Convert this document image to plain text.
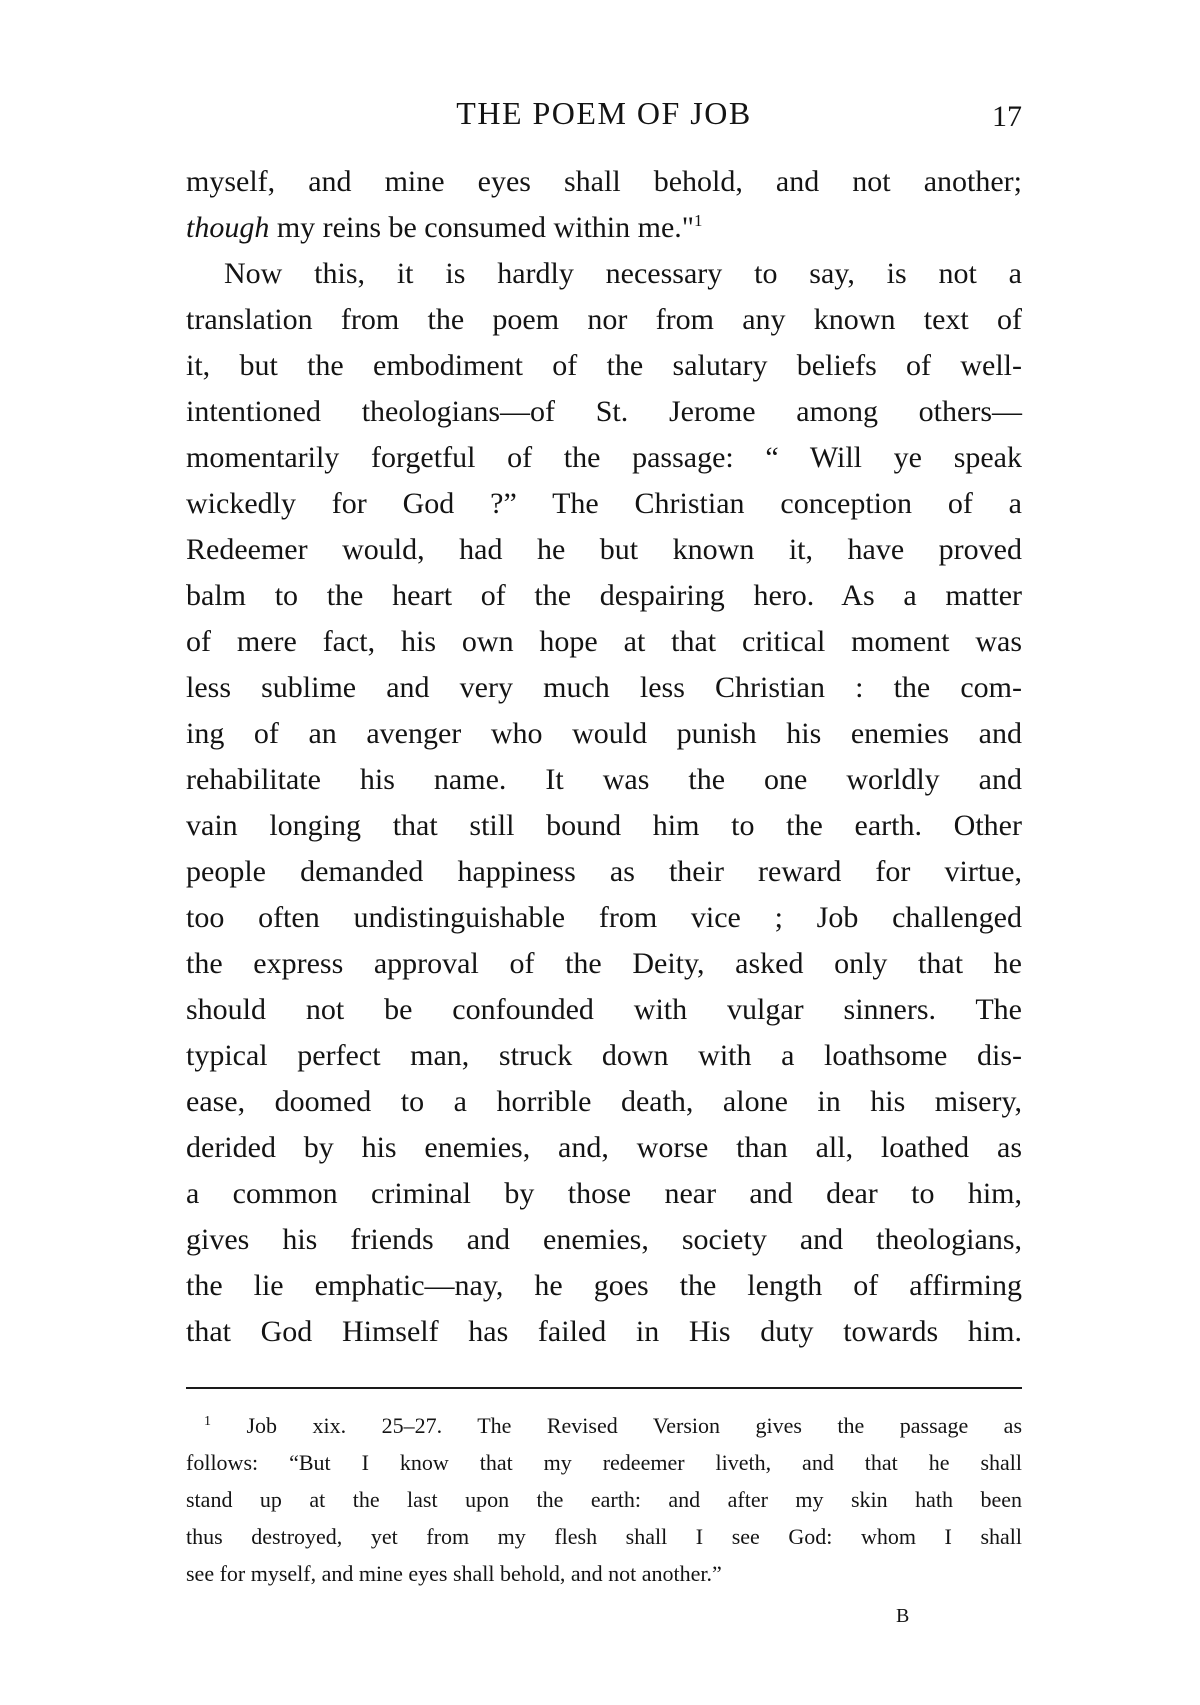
THE POEM OF JOB	17
myself, and mine eyes shall behold, and not another;
though my reins be consumed within me."$^1$
Now this, it is hardly necessary to say, is not a
translation from the poem nor from any known text of
it, but the embodiment of the salutary beliefs of well-
intentioned theologians—of St. Jerome among others—
momentarily forgetful of the passage: “ Will ye speak
wickedly for God ?” The Christian conception of a
Redeemer would, had he but known it, have proved
balm to the heart of the despairing hero. As a matter
of mere fact, his own hope at that critical moment was
less sublime and very much less Christian : the com-
ing of an avenger who would punish his enemies and
rehabilitate his name. It was the one worldly and
vain longing that still bound him to the earth. Other
people demanded happiness as their reward for virtue,
too often undistinguishable from vice ; Job challenged
the express approval of the Deity, asked only that he
should not be confounded with vulgar sinners. The
typical perfect man, struck down with a loathsome dis-
ease, doomed to a horrible death, alone in his misery,
derided by his enemies, and, worse than all, loathed as
a common criminal by those near and dear to him,
gives his friends and enemies, society and theologians,
the lie emphatic—nay, he goes the length of affirming
that God Himself has failed in His duty towards him.
$^1$ Job xix. 25–27. The Revised Version gives the passage as
follows: “But I know that my redeemer liveth, and that he shall
stand up at the last upon the earth: and after my skin hath been
thus destroyed, yet from my flesh shall I see God: whom I shall
see for myself, and mine eyes shall behold, and not another.”
B
